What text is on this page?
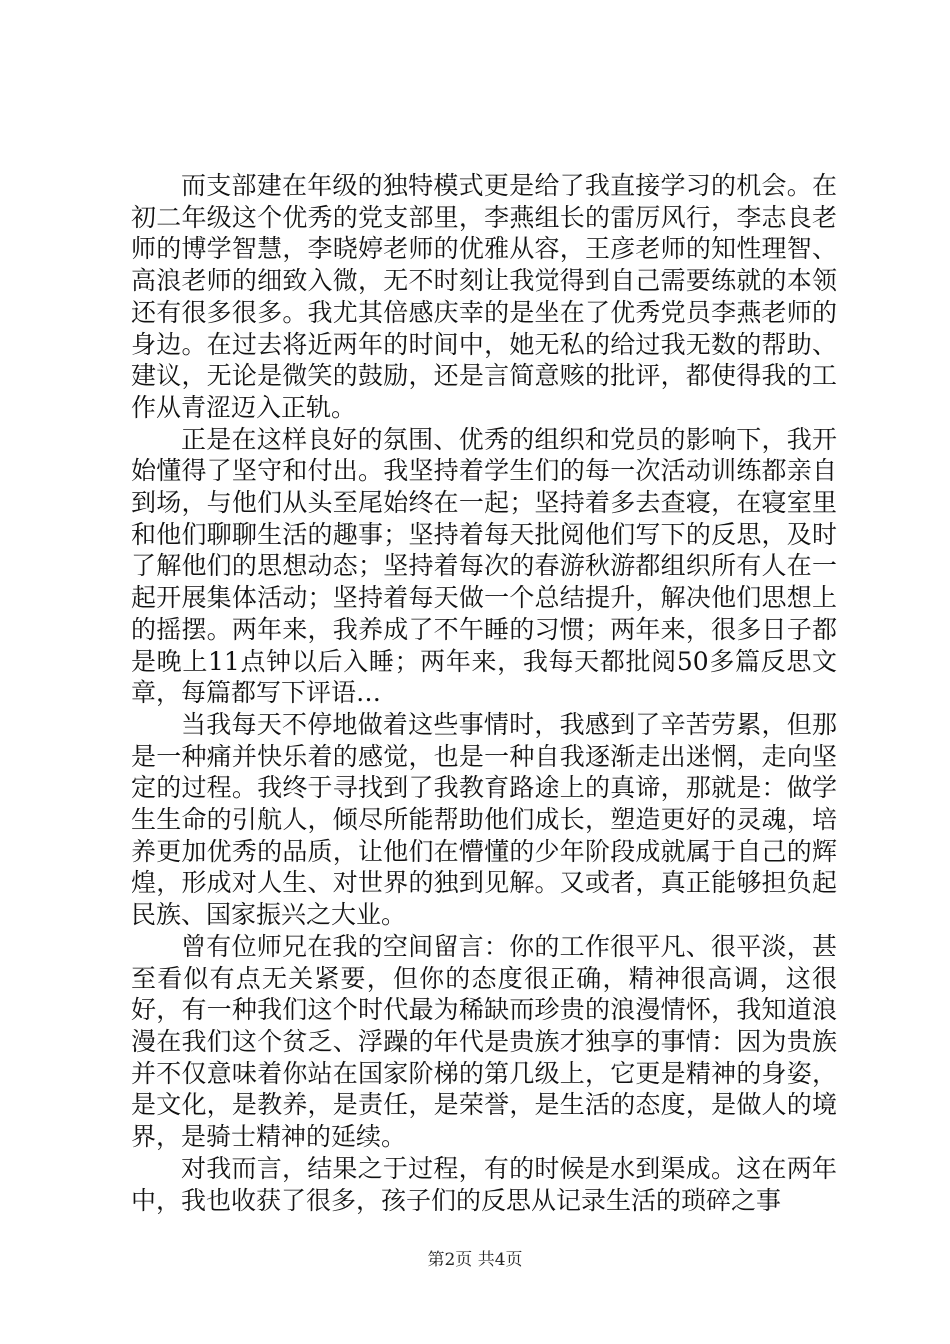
而支部建在年级的独特模式更是给了我直接学习的机会。在初二年级这个优秀的党支部里，李燕组长的雷厉风行，李志良老师的博学智慧，李晓婷老师的优雅从容，王彦老师的知性理智、高浪老师的细致入微，无不时刻让我觉得到自己需要练就的本领还有很多很多。我尤其倍感庆幸的是坐在了优秀党员李燕老师的身边。在过去将近两年的时间中，她无私的给过我无数的帮助、建议，无论是微笑的鼓励，还是言简意赅的批评，都使得我的工作从青涩迈入正轨。

正是在这样良好的氛围、优秀的组织和党员的影响下，我开始懂得了坚守和付出。我坚持着学生们的每一次活动训练都亲自到场，与他们从头至尾始终在一起；坚持着多去查寝，在寝室里和他们聊聊生活的趣事；坚持着每天批阅他们写下的反思，及时了解他们的思想动态；坚持着每次的春游秋游都组织所有人在一起开展集体活动；坚持着每天做一个总结提升，解决他们思想上的摇摆。两年来，我养成了不午睡的习惯；两年来，很多日子都是晚上11点钟以后入睡；两年来，我每天都批阅50多篇反思文章，每篇都写下评语…

当我每天不停地做着这些事情时，我感到了辛苦劳累，但那是一种痛并快乐着的感觉，也是一种自我逐渐走出迷惘，走向坚定的过程。我终于寻找到了我教育路途上的真谛，那就是：做学生生命的引航人，倾尽所能帮助他们成长，塑造更好的灵魂，培养更加优秀的品质，让他们在懵懂的少年阶段成就属于自己的辉煌，形成对人生、对世界的独到见解。又或者，真正能够担负起民族、国家振兴之大业。

曾有位师兄在我的空间留言：你的工作很平凡、很平淡，甚至看似有点无关紧要，但你的态度很正确，精神很高调，这很好，有一种我们这个时代最为稀缺而珍贵的浪漫情怀，我知道浪漫在我们这个贫乏、浮躁的年代是贵族才独享的事情：因为贵族并不仅意味着你站在国家阶梯的第几级上，它更是精神的身姿，是文化，是教养，是责任，是荣誉，是生活的态度，是做人的境界，是骑士精神的延续。

对我而言，结果之于过程，有的时候是水到渠成。这在两年中，我也收获了很多，孩子们的反思从记录生活的琐碎之事

第2页 共4页
